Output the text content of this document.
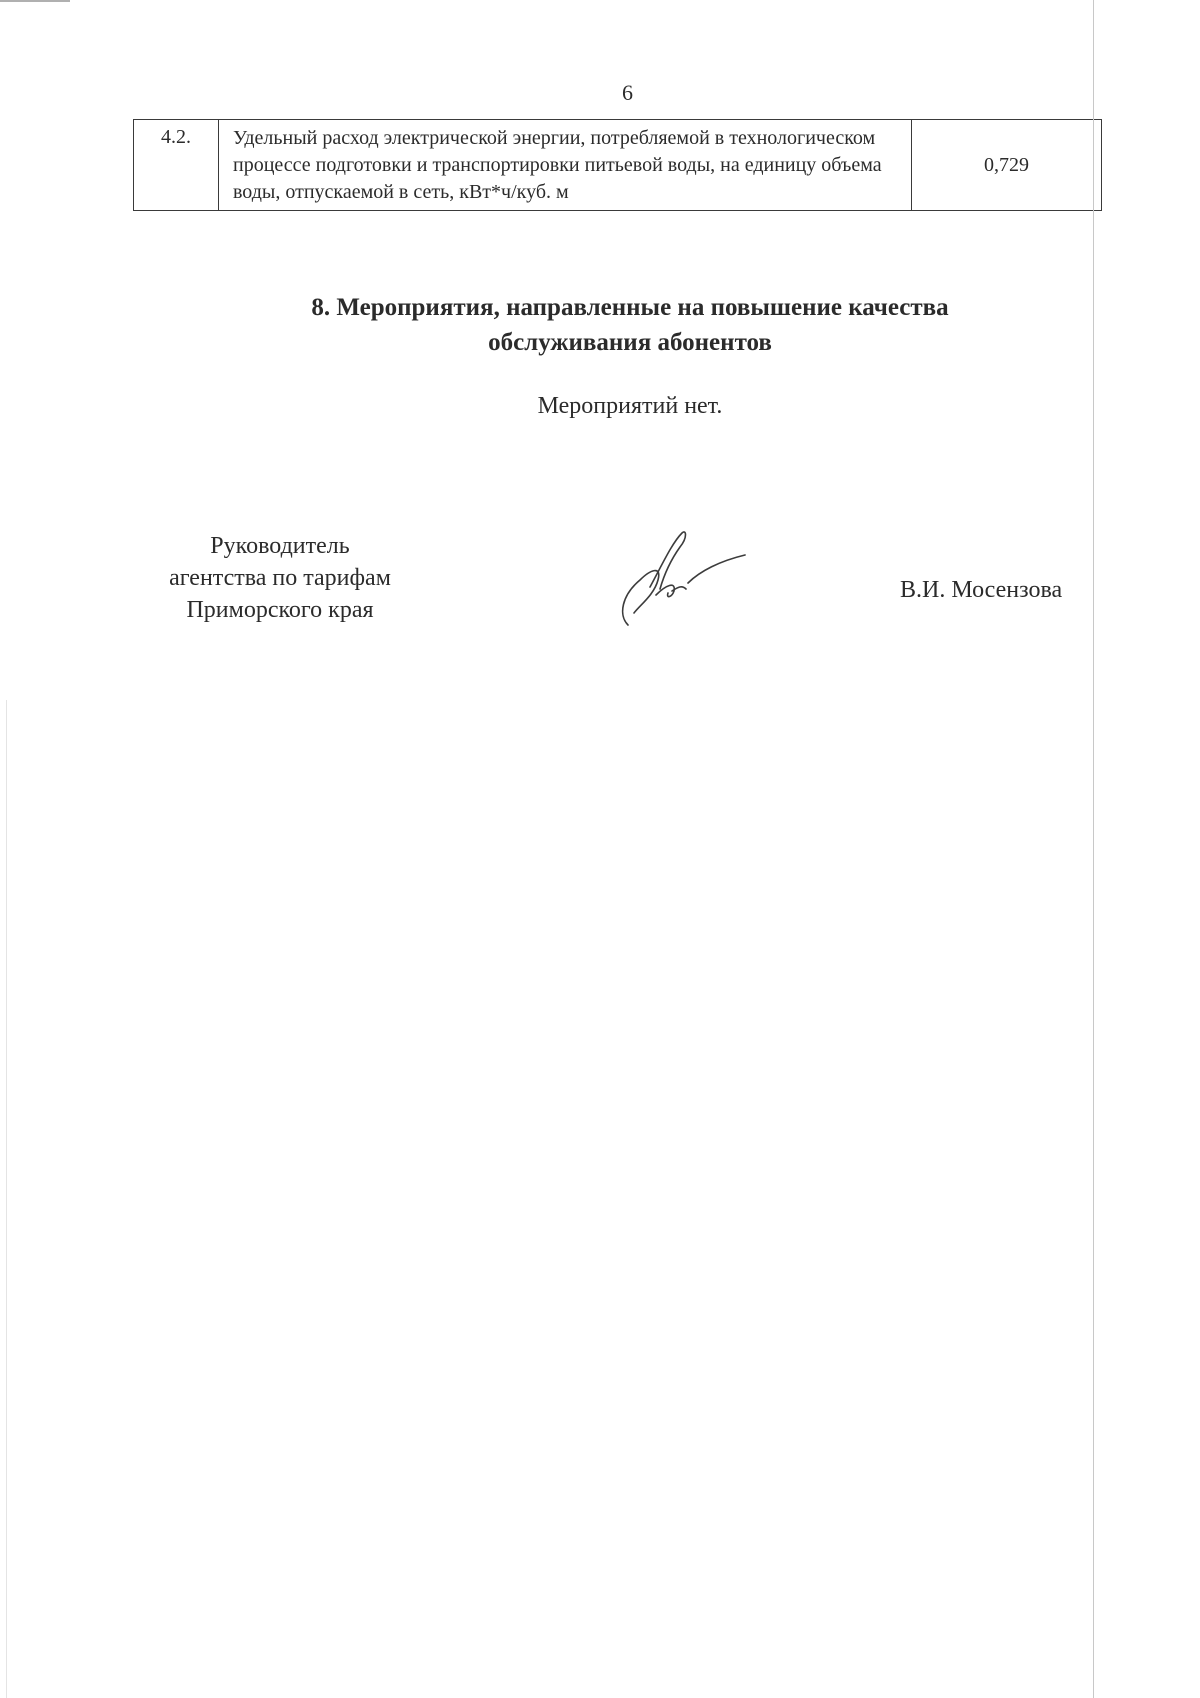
6
4.2.	Удельный расход электрической энергии, потребляемой в технологическом процессе подготовки и транспортировки питьевой воды, на единицу объема воды, отпускаемой в сеть, кВт*ч/куб. м	0,729
8. Мероприятия, направленные на повышение качества
обслуживания абонентов
Мероприятий нет.
Руководитель
агентства по тарифам
Приморского края
В.И. Мосензова
